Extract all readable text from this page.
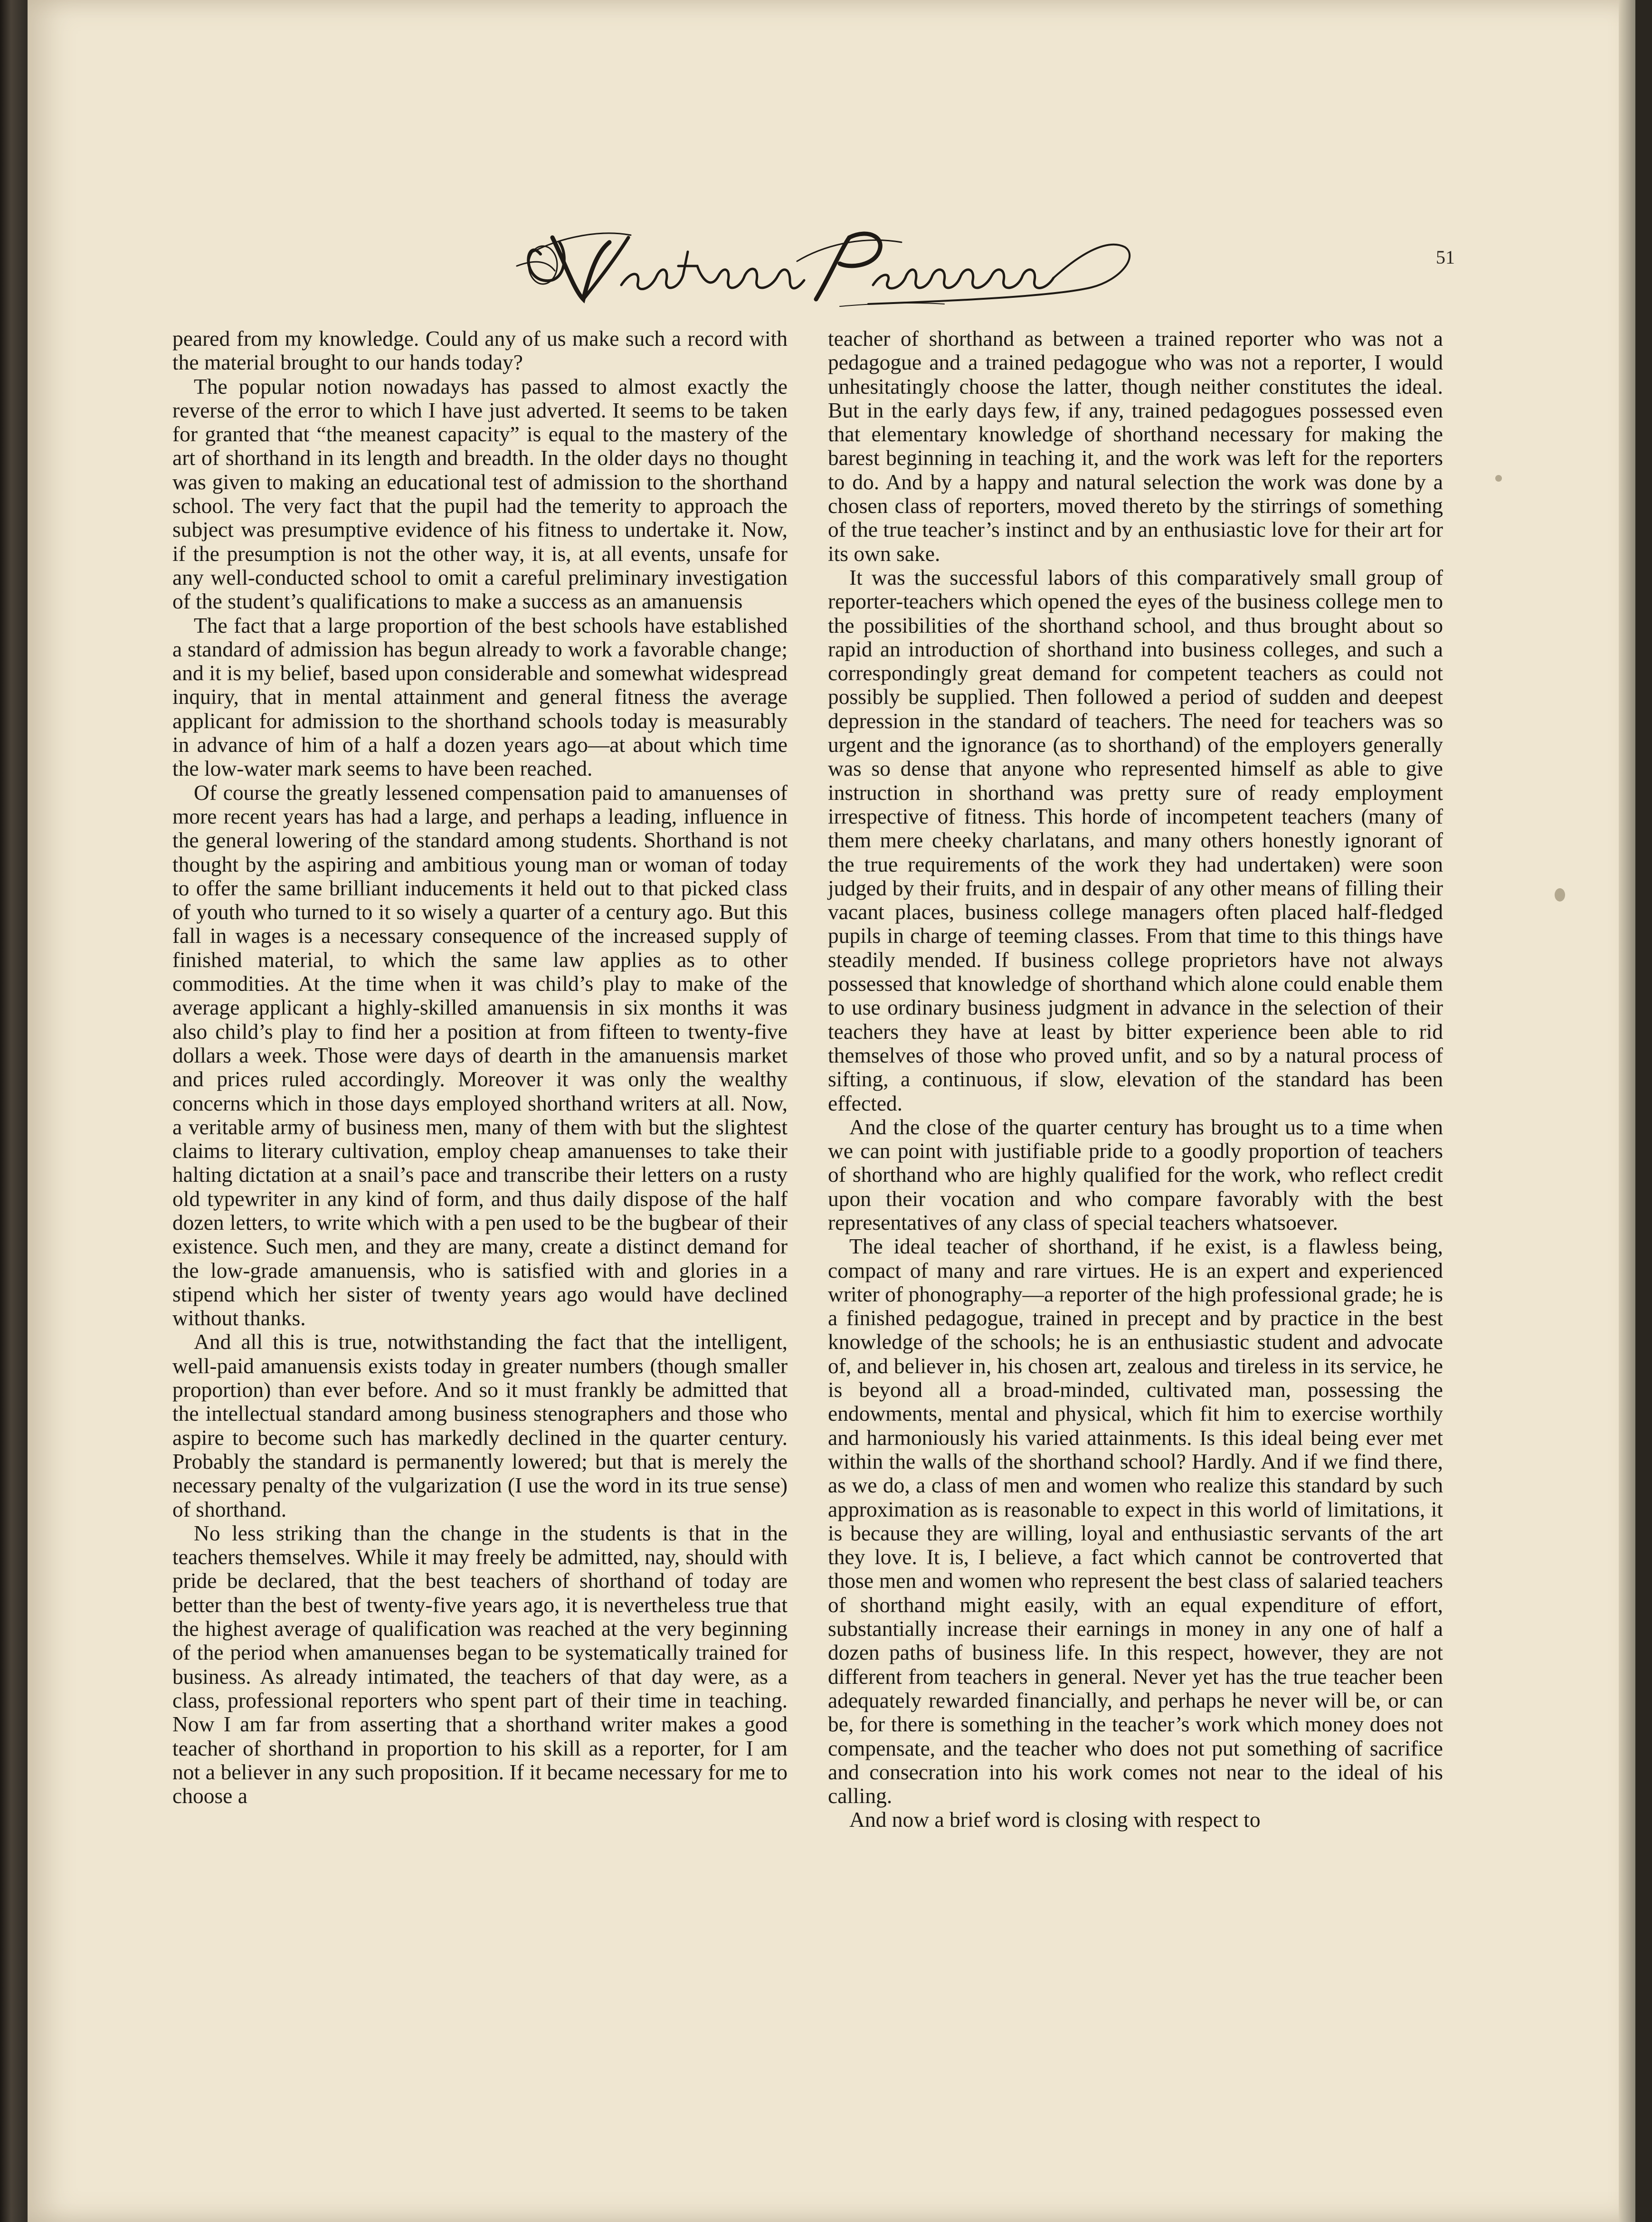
51

peared from my knowledge. Could any of us make such a record with the material brought to our hands today?

The popular notion nowadays has passed to almost exactly the reverse of the error to which I have just adverted. It seems to be taken for granted that “the meanest capacity” is equal to the mastery of the art of shorthand in its length and breadth. In the older days no thought was given to making an educational test of admission to the shorthand school. The very fact that the pupil had the temerity to approach the subject was presumptive evidence of his fitness to undertake it. Now, if the presumption is not the other way, it is, at all events, unsafe for any well-conducted school to omit a careful preliminary investigation of the student’s qualifications to make a success as an amanuensis

The fact that a large proportion of the best schools have established a standard of admission has begun already to work a favorable change; and it is my belief, based upon considerable and somewhat widespread inquiry, that in mental attainment and general fitness the average applicant for admission to the shorthand schools today is measurably in advance of him of a half a dozen years ago—at about which time the low-water mark seems to have been reached.

Of course the greatly lessened compensation paid to amanuenses of more recent years has had a large, and perhaps a leading, influence in the general lowering of the standard among students. Shorthand is not thought by the aspiring and ambitious young man or woman of today to offer the same brilliant inducements it held out to that picked class of youth who turned to it so wisely a quarter of a century ago. But this fall in wages is a necessary consequence of the increased supply of finished material, to which the same law applies as to other commodities. At the time when it was child’s play to make of the average applicant a highly-skilled amanuensis in six months it was also child’s play to find her a position at from fifteen to twenty-five dollars a week. Those were days of dearth in the amanuensis market and prices ruled accordingly. Moreover it was only the wealthy concerns which in those days employed shorthand writers at all. Now, a veritable army of business men, many of them with but the slightest claims to literary cultivation, employ cheap amanuenses to take their halting dictation at a snail’s pace and transcribe their letters on a rusty old typewriter in any kind of form, and thus daily dispose of the half dozen letters, to write which with a pen used to be the bugbear of their existence. Such men, and they are many, create a distinct demand for the low-grade amanuensis, who is satisfied with and glories in a stipend which her sister of twenty years ago would have declined without thanks.

And all this is true, notwithstanding the fact that the intelligent, well-paid amanuensis exists today in greater numbers (though smaller proportion) than ever before. And so it must frankly be admitted that the intellectual standard among business stenographers and those who aspire to become such has markedly declined in the quarter century. Probably the standard is permanently lowered; but that is merely the necessary penalty of the vulgarization (I use the word in its true sense) of shorthand.

No less striking than the change in the students is that in the teachers themselves. While it may freely be admitted, nay, should with pride be declared, that the best teachers of shorthand of today are better than the best of twenty-five years ago, it is nevertheless true that the highest average of qualification was reached at the very beginning of the period when amanuenses began to be systematically trained for business. As already intimated, the teachers of that day were, as a class, professional reporters who spent part of their time in teaching. Now I am far from asserting that a shorthand writer makes a good teacher of shorthand in proportion to his skill as a reporter, for I am not a believer in any such proposition. If it became necessary for me to choose a

teacher of shorthand as between a trained reporter who was not a pedagogue and a trained pedagogue who was not a reporter, I would unhesitatingly choose the latter, though neither constitutes the ideal. But in the early days few, if any, trained pedagogues possessed even that elementary knowledge of shorthand necessary for making the barest beginning in teaching it, and the work was left for the reporters to do. And by a happy and natural selection the work was done by a chosen class of reporters, moved thereto by the stirrings of something of the true teacher’s instinct and by an enthusiastic love for their art for its own sake.

It was the successful labors of this comparatively small group of reporter-teachers which opened the eyes of the business college men to the possibilities of the shorthand school, and thus brought about so rapid an introduction of shorthand into business colleges, and such a correspondingly great demand for competent teachers as could not possibly be supplied. Then followed a period of sudden and deepest depression in the standard of teachers. The need for teachers was so urgent and the ignorance (as to shorthand) of the employers generally was so dense that anyone who represented himself as able to give instruction in shorthand was pretty sure of ready employment irrespective of fitness. This horde of incompetent teachers (many of them mere cheeky charlatans, and many others honestly ignorant of the true requirements of the work they had undertaken) were soon judged by their fruits, and in despair of any other means of filling their vacant places, business college managers often placed half-fledged pupils in charge of teeming classes. From that time to this things have steadily mended. If business college proprietors have not always possessed that knowledge of shorthand which alone could enable them to use ordinary business judgment in advance in the selection of their teachers they have at least by bitter experience been able to rid themselves of those who proved unfit, and so by a natural process of sifting, a continuous, if slow, elevation of the standard has been effected.

And the close of the quarter century has brought us to a time when we can point with justifiable pride to a goodly proportion of teachers of shorthand who are highly qualified for the work, who reflect credit upon their vocation and who compare favorably with the best representatives of any class of special teachers whatsoever.

The ideal teacher of shorthand, if he exist, is a flawless being, compact of many and rare virtues. He is an expert and experienced writer of phonography—a reporter of the high professional grade; he is a finished pedagogue, trained in precept and by practice in the best knowledge of the schools; he is an enthusiastic student and advocate of, and believer in, his chosen art, zealous and tireless in its service, he is beyond all a broad-minded, cultivated man, possessing the endowments, mental and physical, which fit him to exercise worthily and harmoniously his varied attainments. Is this ideal being ever met within the walls of the shorthand school? Hardly. And if we find there, as we do, a class of men and women who realize this standard by such approximation as is reasonable to expect in this world of limitations, it is because they are willing, loyal and enthusiastic servants of the art they love. It is, I believe, a fact which cannot be controverted that those men and women who represent the best class of salaried teachers of shorthand might easily, with an equal expenditure of effort, substantially increase their earnings in money in any one of half a dozen paths of business life. In this respect, however, they are not different from teachers in general. Never yet has the true teacher been adequately rewarded financially, and perhaps he never will be, or can be, for there is something in the teacher’s work which money does not compensate, and the teacher who does not put something of sacrifice and consecration into his work comes not near to the ideal of his calling.

And now a brief word is closing with respect to
